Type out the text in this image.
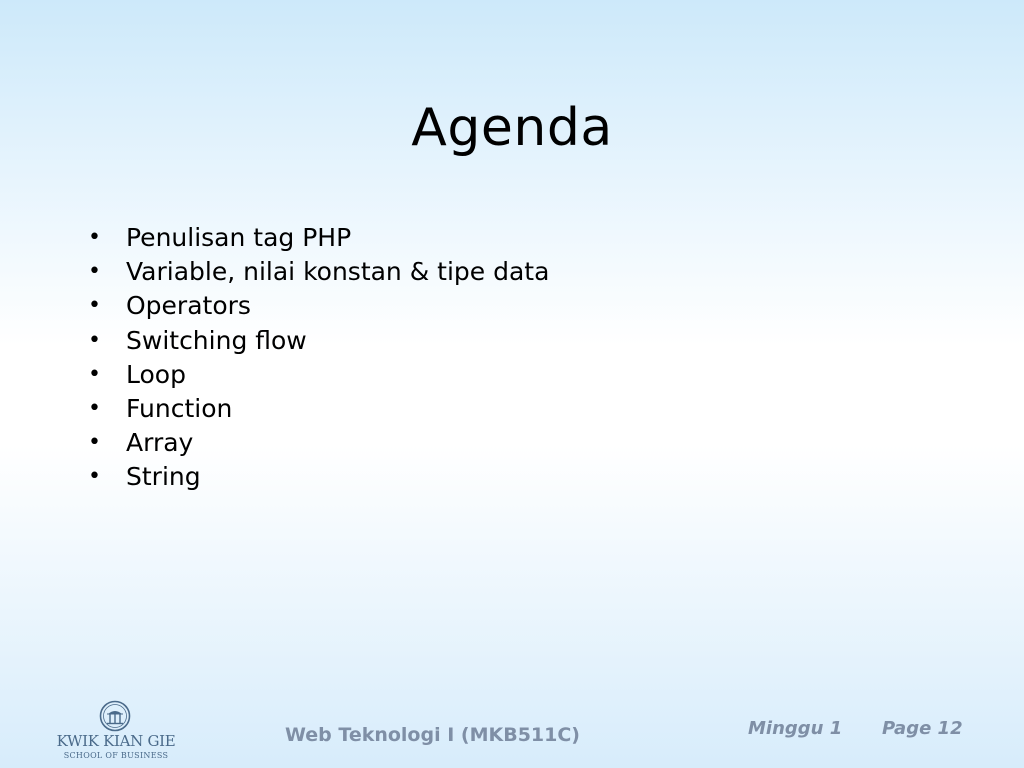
Agenda
• Penulisan tag PHP
• Variable, nilai konstan & tipe data
• Operators
• Switching flow
• Loop
• Function
• Array
• String
KWIK KIAN GIE
SCHOOL OF BUSINESS
Web Teknologi I (MKB511C)	Minggu 1 Page 12
